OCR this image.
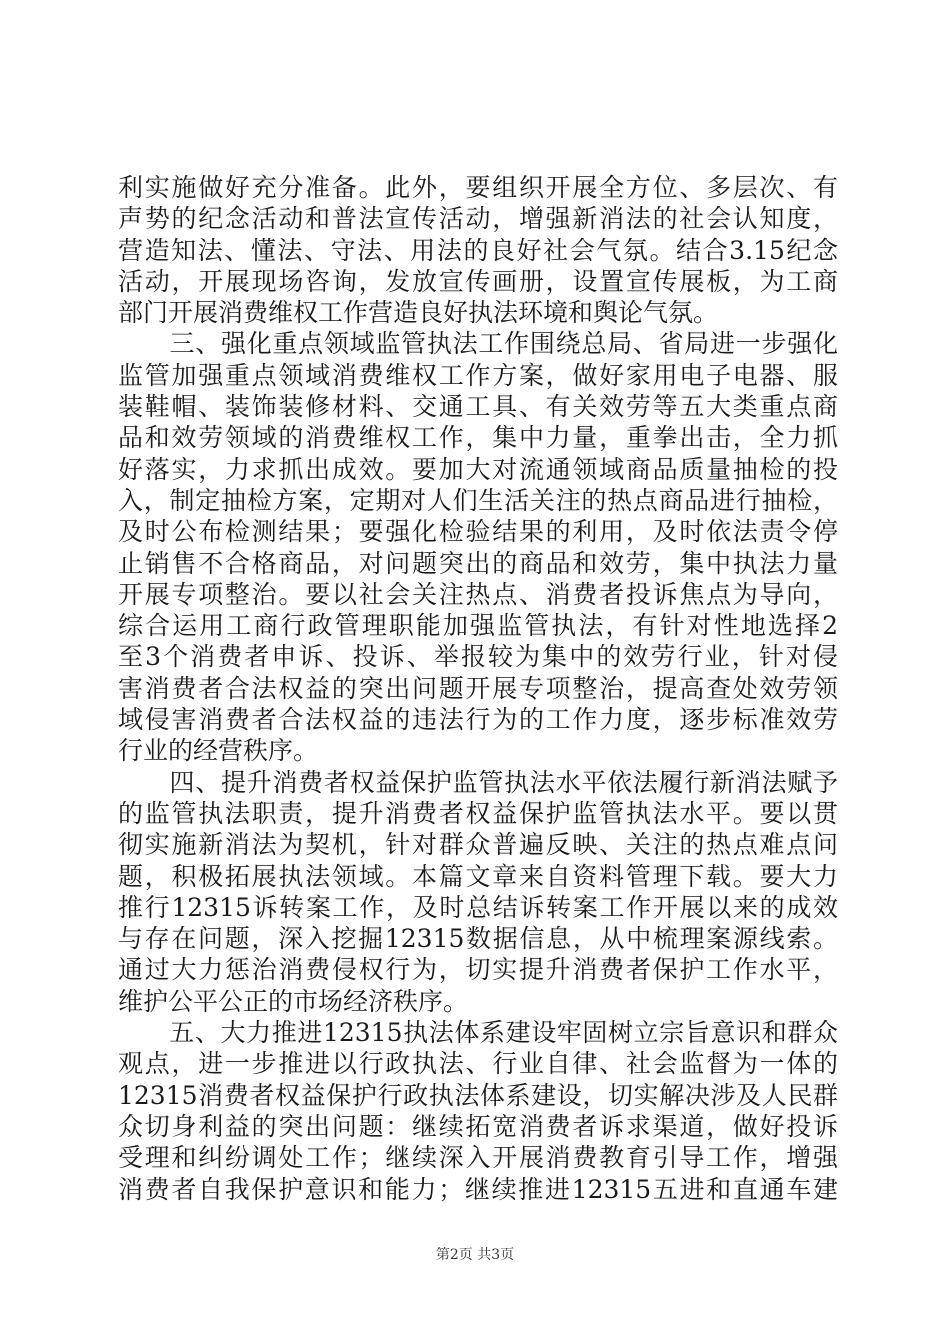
利实施做好充分准备。此外，要组织开展全方位、多层次、有
声势的纪念活动和普法宣传活动，增强新消法的社会认知度，
营造知法、懂法、守法、用法的良好社会气氛。结合3.15纪念
活动，开展现场咨询，发放宣传画册，设置宣传展板，为工商
部门开展消费维权工作营造良好执法环境和舆论气氛。
　　三、强化重点领域监管执法工作围绕总局、省局进一步强化
监管加强重点领域消费维权工作方案，做好家用电子电器、服
装鞋帽、装饰装修材料、交通工具、有关效劳等五大类重点商
品和效劳领域的消费维权工作，集中力量，重拳出击，全力抓
好落实，力求抓出成效。要加大对流通领域商品质量抽检的投
入，制定抽检方案，定期对人们生活关注的热点商品进行抽检，
及时公布检测结果；要强化检验结果的利用，及时依法责令停
止销售不合格商品，对问题突出的商品和效劳，集中执法力量
开展专项整治。要以社会关注热点、消费者投诉焦点为导向，
综合运用工商行政管理职能加强监管执法，有针对性地选择2
至3个消费者申诉、投诉、举报较为集中的效劳行业，针对侵
害消费者合法权益的突出问题开展专项整治，提高查处效劳领
域侵害消费者合法权益的违法行为的工作力度，逐步标准效劳
行业的经营秩序。
　　四、提升消费者权益保护监管执法水平依法履行新消法赋予
的监管执法职责，提升消费者权益保护监管执法水平。要以贯
彻实施新消法为契机，针对群众普遍反映、关注的热点难点问
题，积极拓展执法领域。本篇文章来自资料管理下载。要大力
推行12315诉转案工作，及时总结诉转案工作开展以来的成效
与存在问题，深入挖掘12315数据信息，从中梳理案源线索。
通过大力惩治消费侵权行为，切实提升消费者保护工作水平，
维护公平公正的市场经济秩序。
　　五、大力推进12315执法体系建设牢固树立宗旨意识和群众
观点，进一步推进以行政执法、行业自律、社会监督为一体的
12315消费者权益保护行政执法体系建设，切实解决涉及人民群
众切身利益的突出问题：继续拓宽消费者诉求渠道，做好投诉
受理和纠纷调处工作；继续深入开展消费教育引导工作，增强
消费者自我保护意识和能力；继续推进12315五进和直通车建
第2页 共3页
